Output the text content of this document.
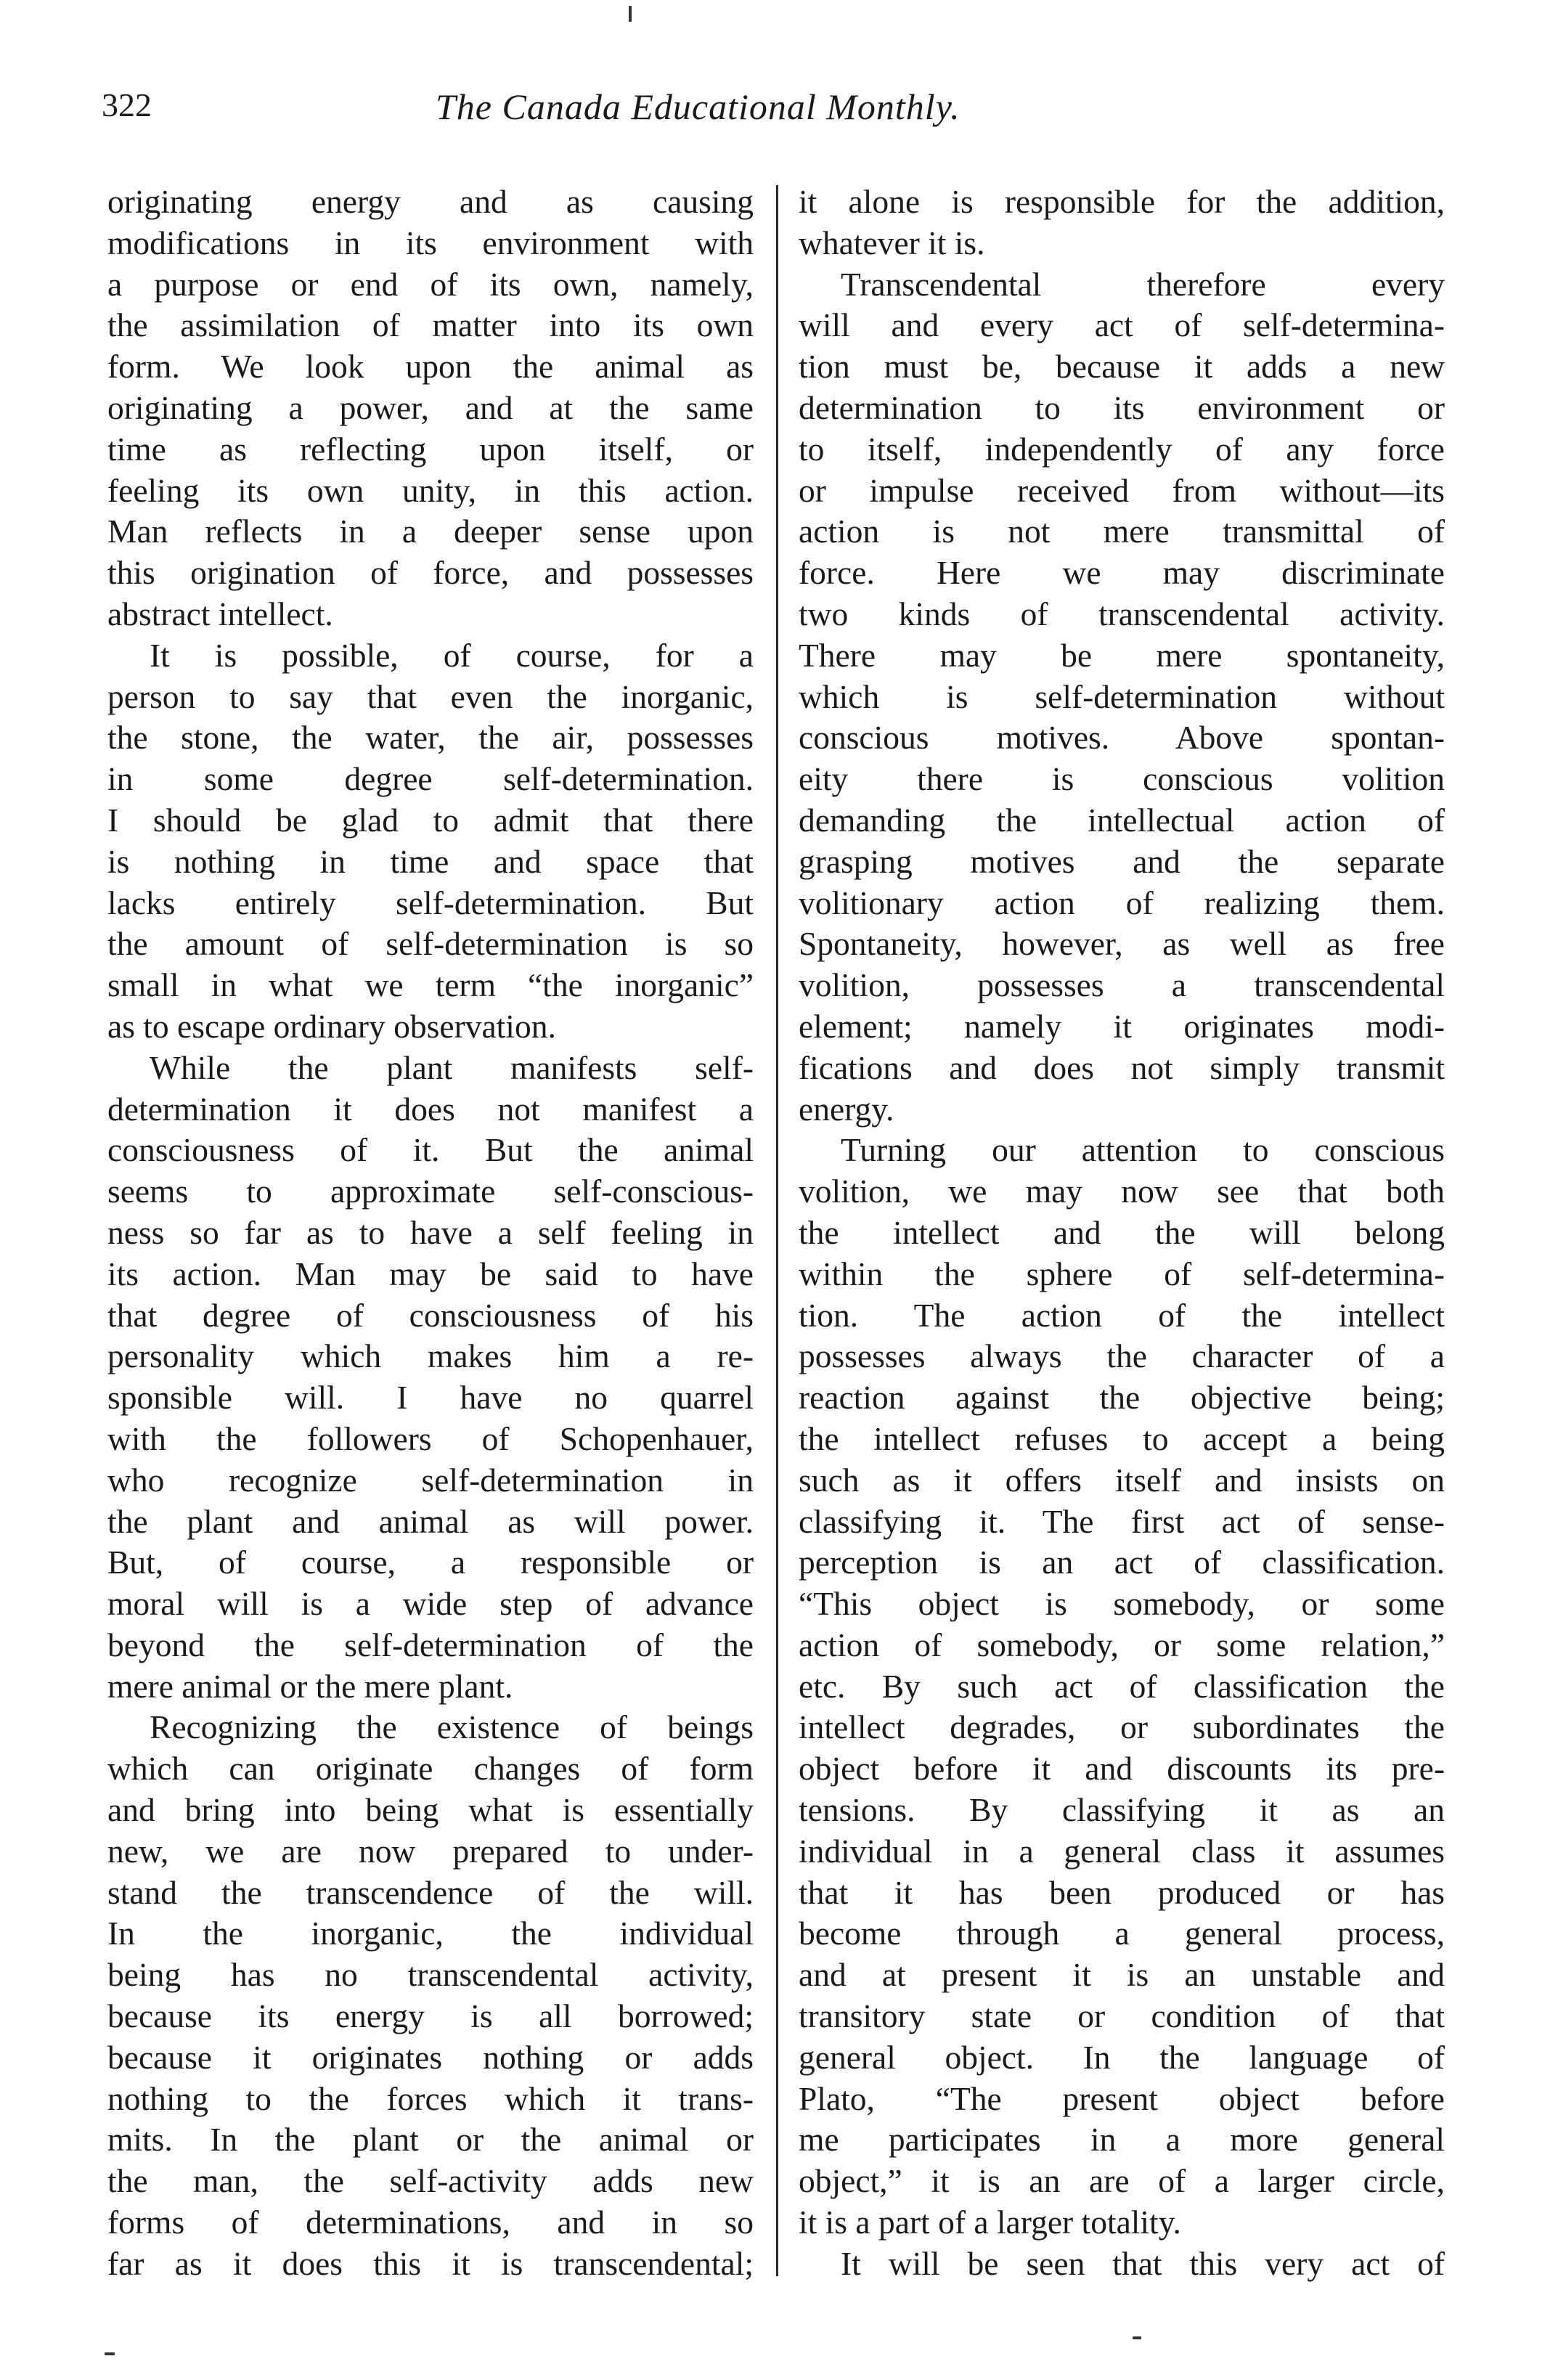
322	The Canada Educational Monthly.
originating energy and as causing
modifications in its environment with
a purpose or end of its own, namely,
the assimilation of matter into its own
form. We look upon the animal as
originating a power, and at the same
time as reflecting upon itself, or
feeling its own unity, in this action.
Man reflects in a deeper sense upon
this origination of force, and possesses
abstract intellect.
It is possible, of course, for a
person to say that even the inorganic,
the stone, the water, the air, possesses
in some degree self-determination.
I should be glad to admit that there
is nothing in time and space that
lacks entirely self-determination. But
the amount of self-determination is so
small in what we term “the inorganic”
as to escape ordinary observation.
While the plant manifests self-
determination it does not manifest a
consciousness of it. But the animal
seems to approximate self-conscious-
ness so far as to have a self feeling in
its action. Man may be said to have
that degree of consciousness of his
personality which makes him a re-
sponsible will. I have no quarrel
with the followers of Schopenhauer,
who recognize self-determination in
the plant and animal as will power.
But, of course, a responsible or
moral will is a wide step of advance
beyond the self-determination of the
mere animal or the mere plant.
Recognizing the existence of beings
which can originate changes of form
and bring into being what is essentially
new, we are now prepared to under-
stand the transcendence of the will.
In the inorganic, the individual
being has no transcendental activity,
because its energy is all borrowed;
because it originates nothing or adds
nothing to the forces which it trans-
mits. In the plant or the animal or
the man, the self-activity adds new
forms of determinations, and in so
far as it does this it is transcendental;
it alone is responsible for the addition,
whatever it is.
Transcendental therefore every
will and every act of self-determina-
tion must be, because it adds a new
determination to its environment or
to itself, independently of any force
or impulse received from without—its
action is not mere transmittal of
force. Here we may discriminate
two kinds of transcendental activity.
There may be mere spontaneity,
which is self-determination without
conscious motives. Above spontan-
eity there is conscious volition
demanding the intellectual action of
grasping motives and the separate
volitionary action of realizing them.
Spontaneity, however, as well as free
volition, possesses a transcendental
element; namely it originates modi-
fications and does not simply transmit
energy.
Turning our attention to conscious
volition, we may now see that both
the intellect and the will belong
within the sphere of self-determina-
tion. The action of the intellect
possesses always the character of a
reaction against the objective being;
the intellect refuses to accept a being
such as it offers itself and insists on
classifying it. The first act of sense-
perception is an act of classification.
“This object is somebody, or some
action of somebody, or some relation,”
etc. By such act of classification the
intellect degrades, or subordinates the
object before it and discounts its pre-
tensions. By classifying it as an
individual in a general class it assumes
that it has been produced or has
become through a general process,
and at present it is an unstable and
transitory state or condition of that
general object. In the language of
Plato, “The present object before
me participates in a more general
object,” it is an are of a larger circle,
it is a part of a larger totality.
It will be seen that this very act of
